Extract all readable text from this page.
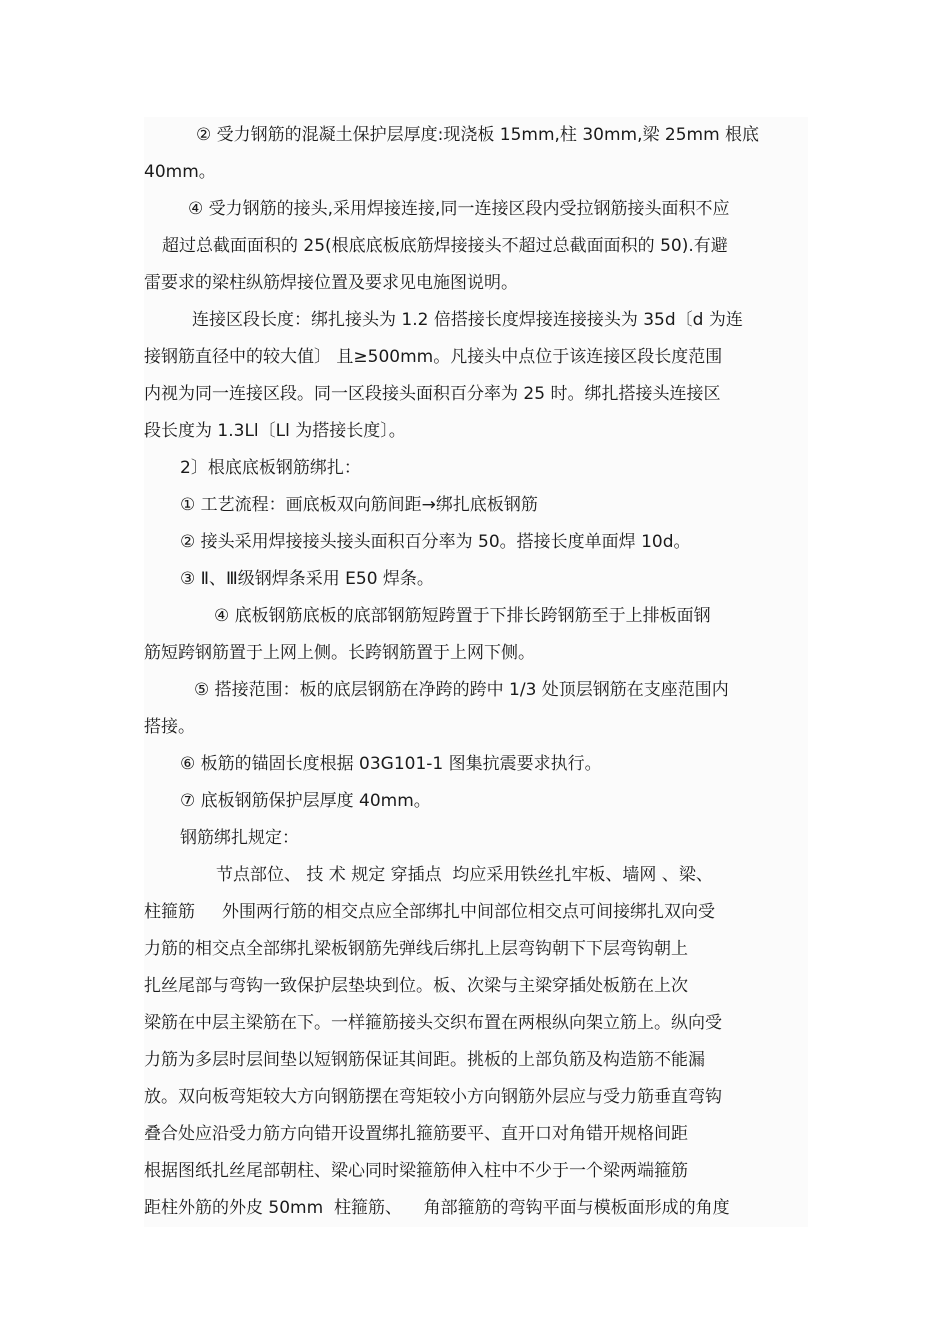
② 受力钢筋的混凝土保护层厚度:现浇板 15mm,柱 30mm,梁 25mm 根底
40mm。
④ 受力钢筋的接头,采用焊接连接,同一连接区段内受拉钢筋接头面积不应
超过总截面面积的 25(根底底板底筋焊接接头不超过总截面面积的 50).有避
雷要求的梁柱纵筋焊接位置及要求见电施图说明。
连接区段长度：绑扎接头为 1.2 倍搭接长度焊接连接接头为 35d〔d 为连
接钢筋直径中的较大值〕 且≥500mm。凡接头中点位于该连接区段长度范围
内视为同一连接区段。同一区段接头面积百分率为 25 时。绑扎搭接头连接区
段长度为 1.3Ll〔Ll 为搭接长度〕。
2〕根底底板钢筋绑扎：
① 工艺流程：画底板双向筋间距→绑扎底板钢筋
② 接头采用焊接接头接头面积百分率为 50。搭接长度单面焊 10d。
③ Ⅱ、Ⅲ级钢焊条采用 E50 焊条。
④ 底板钢筋底板的底部钢筋短跨置于下排长跨钢筋至于上排板面钢
筋短跨钢筋置于上网上侧。长跨钢筋置于上网下侧。
⑤ 搭接范围：板的底层钢筋在净跨的跨中 1/3 处顶层钢筋在支座范围内
搭接。
⑥ 板筋的锚固长度根据 03G101-1 图集抗震要求执行。
⑦ 底板钢筋保护层厚度 40mm。
钢筋绑扎规定：
节点部位、 技 术 规定 穿插点  均应采用铁丝扎牢板、墙网 、梁、
柱箍筋     外围两行筋的相交点应全部绑扎中间部位相交点可间接绑扎双向受
力筋的相交点全部绑扎梁板钢筋先弹线后绑扎上层弯钩朝下下层弯钩朝上
扎丝尾部与弯钩一致保护层垫块到位。板、次梁与主梁穿插处板筋在上次
梁筋在中层主梁筋在下。一样箍筋接头交织布置在两根纵向架立筋上。纵向受
力筋为多层时层间垫以短钢筋保证其间距。挑板的上部负筋及构造筋不能漏
放。双向板弯矩较大方向钢筋摆在弯矩较小方向钢筋外层应与受力筋垂直弯钩
叠合处应沿受力筋方向错开设置绑扎箍筋要平、直开口对角错开规格间距
根据图纸扎丝尾部朝柱、梁心同时梁箍筋伸入柱中不少于一个梁两端箍筋
距柱外筋的外皮 50mm  柱箍筋、    角部箍筋的弯钩平面与模板面形成的角度
